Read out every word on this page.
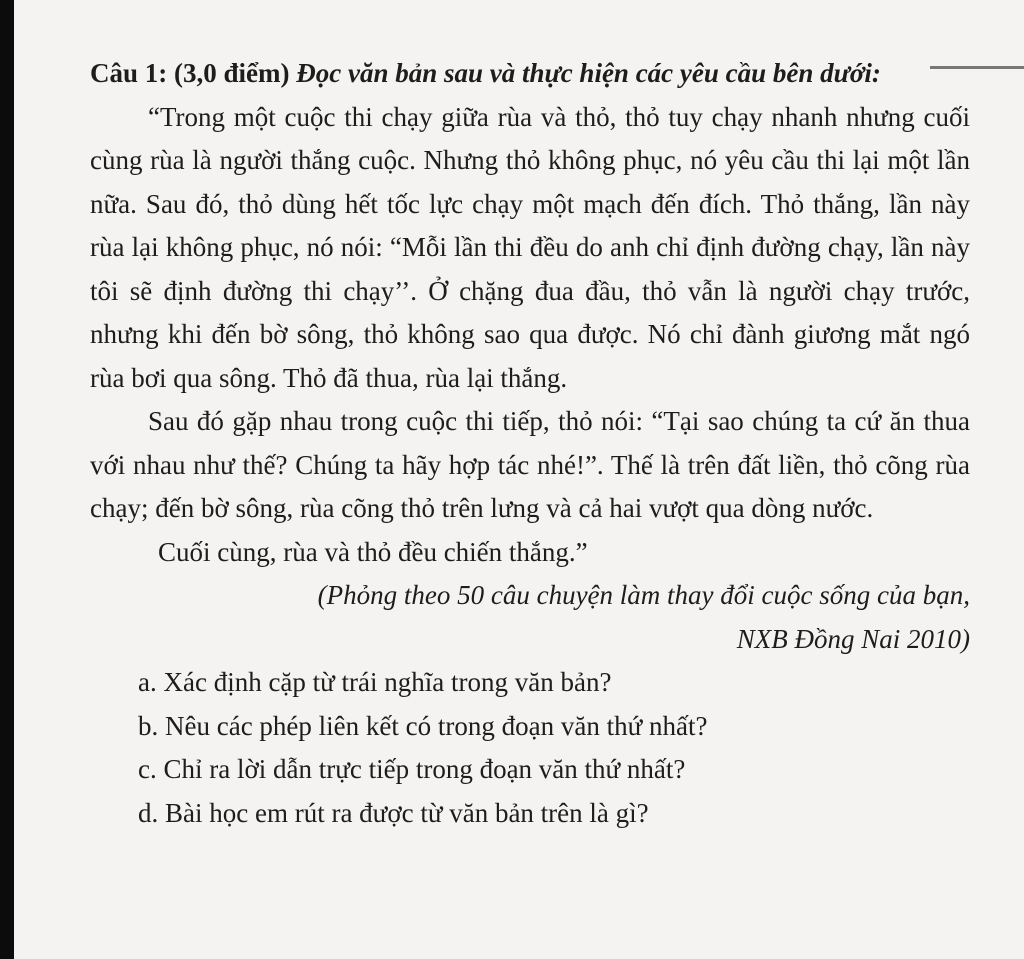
Câu 1: (3,0 điểm) Đọc văn bản sau và thực hiện các yêu cầu bên dưới:

“Trong một cuộc thi chạy giữa rùa và thỏ, thỏ tuy chạy nhanh nhưng cuối cùng rùa là người thắng cuộc. Nhưng thỏ không phục, nó yêu cầu thi lại một lần nữa. Sau đó, thỏ dùng hết tốc lực chạy một mạch đến đích. Thỏ thắng, lần này rùa lại không phục, nó nói: “Mỗi lần thi đều do anh chỉ định đường chạy, lần này tôi sẽ định đường thi chạy’’. Ở chặng đua đầu, thỏ vẫn là người chạy trước, nhưng khi đến bờ sông, thỏ không sao qua được. Nó chỉ đành giương mắt ngó rùa bơi qua sông. Thỏ đã thua, rùa lại thắng.

Sau đó gặp nhau trong cuộc thi tiếp, thỏ nói: “Tại sao chúng ta cứ ăn thua với nhau như thế? Chúng ta hãy hợp tác nhé!”. Thế là trên đất liền, thỏ cõng rùa chạy; đến bờ sông, rùa cõng thỏ trên lưng và cả hai vượt qua dòng nước.

Cuối cùng, rùa và thỏ đều chiến thắng.”

(Phỏng theo 50 câu chuyện làm thay đổi cuộc sống của bạn,
NXB Đồng Nai 2010)

a. Xác định cặp từ trái nghĩa trong văn bản?

b. Nêu các phép liên kết có trong đoạn văn thứ nhất?

c. Chỉ ra lời dẫn trực tiếp trong đoạn văn thứ nhất?

d. Bài học em rút ra được từ văn bản trên là gì?
